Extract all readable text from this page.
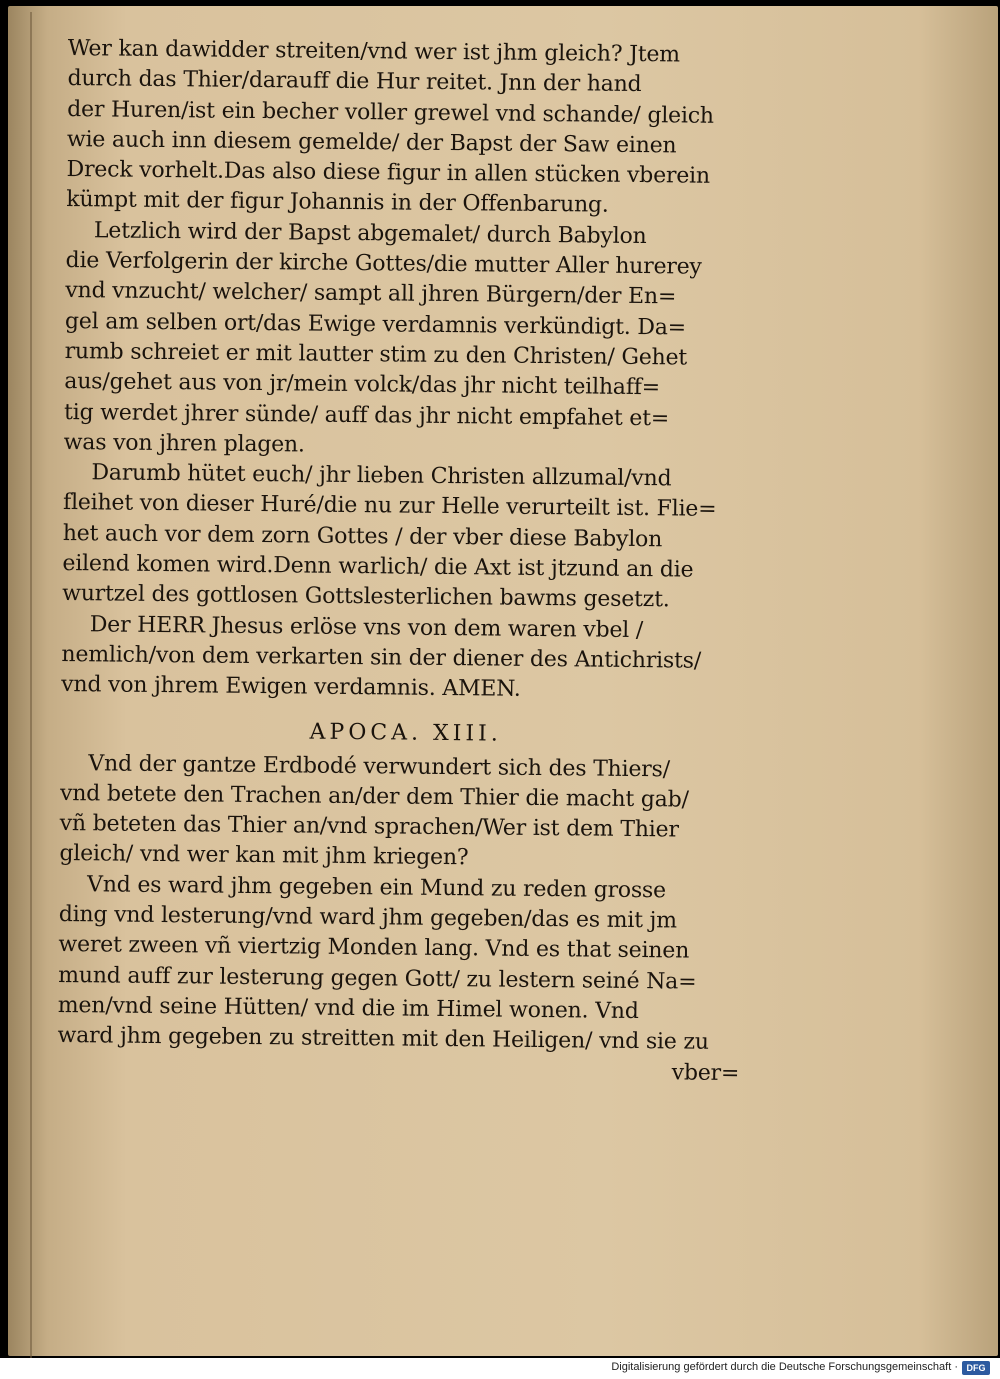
Wer kan dawidder streiten/vnd wer ist jhm gleich? Jtem
durch das Thier/darauff die Hur reitet. Jnn der hand
der Huren/ist ein becher voller grewel vnd schande/ gleich
wie auch inn diesem gemelde/ der Bapst der Saw einen
Dreck vorhelt.Das also diese figur in allen stücken vberein
kümpt mit der figur Johannis in der Offenbarung.
Letzlich wird der Bapst abgemalet/ durch Babylon
die Verfolgerin der kirche Gottes/die mutter Aller hurerey
vnd vnzucht/ welcher/ sampt all jhren Bürgern/der En=
gel am selben ort/das Ewige verdamnis verkündigt. Da=
rumb schreiet er mit lautter stim zu den Christen/ Gehet
aus/gehet aus von jr/mein volck/das jhr nicht teilhaff=
tig werdet jhrer sünde/ auff das jhr nicht empfahet et=
was von jhren plagen.
Darumb hütet euch/ jhr lieben Christen allzumal/vnd
fleihet von dieser Huré/die nu zur Helle verurteilt ist. Flie=
het auch vor dem zorn Gottes / der vber diese Babylon
eilend komen wird.Denn warlich/ die Axt ist jtzund an die
wurtzel des gottlosen Gottslesterlichen bawms gesetzt.
Der HERR Jhesus erlöse vns von dem waren vbel /
nemlich/von dem verkarten sin der diener des Antichrists/
vnd von jhrem Ewigen verdamnis. AMEN.
APOCA. XIII.
Vnd der gantze Erdbodé verwundert sich des Thiers/
vnd betete den Trachen an/der dem Thier die macht gab/
vñ beteten das Thier an/vnd sprachen/Wer ist dem Thier
gleich/ vnd wer kan mit jhm kriegen?
Vnd es ward jhm gegeben ein Mund zu reden grosse
ding vnd lesterung/vnd ward jhm gegeben/das es mit jm
weret zween vñ viertzig Monden lang. Vnd es that seinen
mund auff zur lesterung gegen Gott/ zu lestern seiné Na=
men/vnd seine Hütten/ vnd die im Himel wonen. Vnd
ward jhm gegeben zu streitten mit den Heiligen/ vnd sie zu
vber=
Digitalisierung gefördert durch die Deutsche Forschungsgemeinschaft · DFG
